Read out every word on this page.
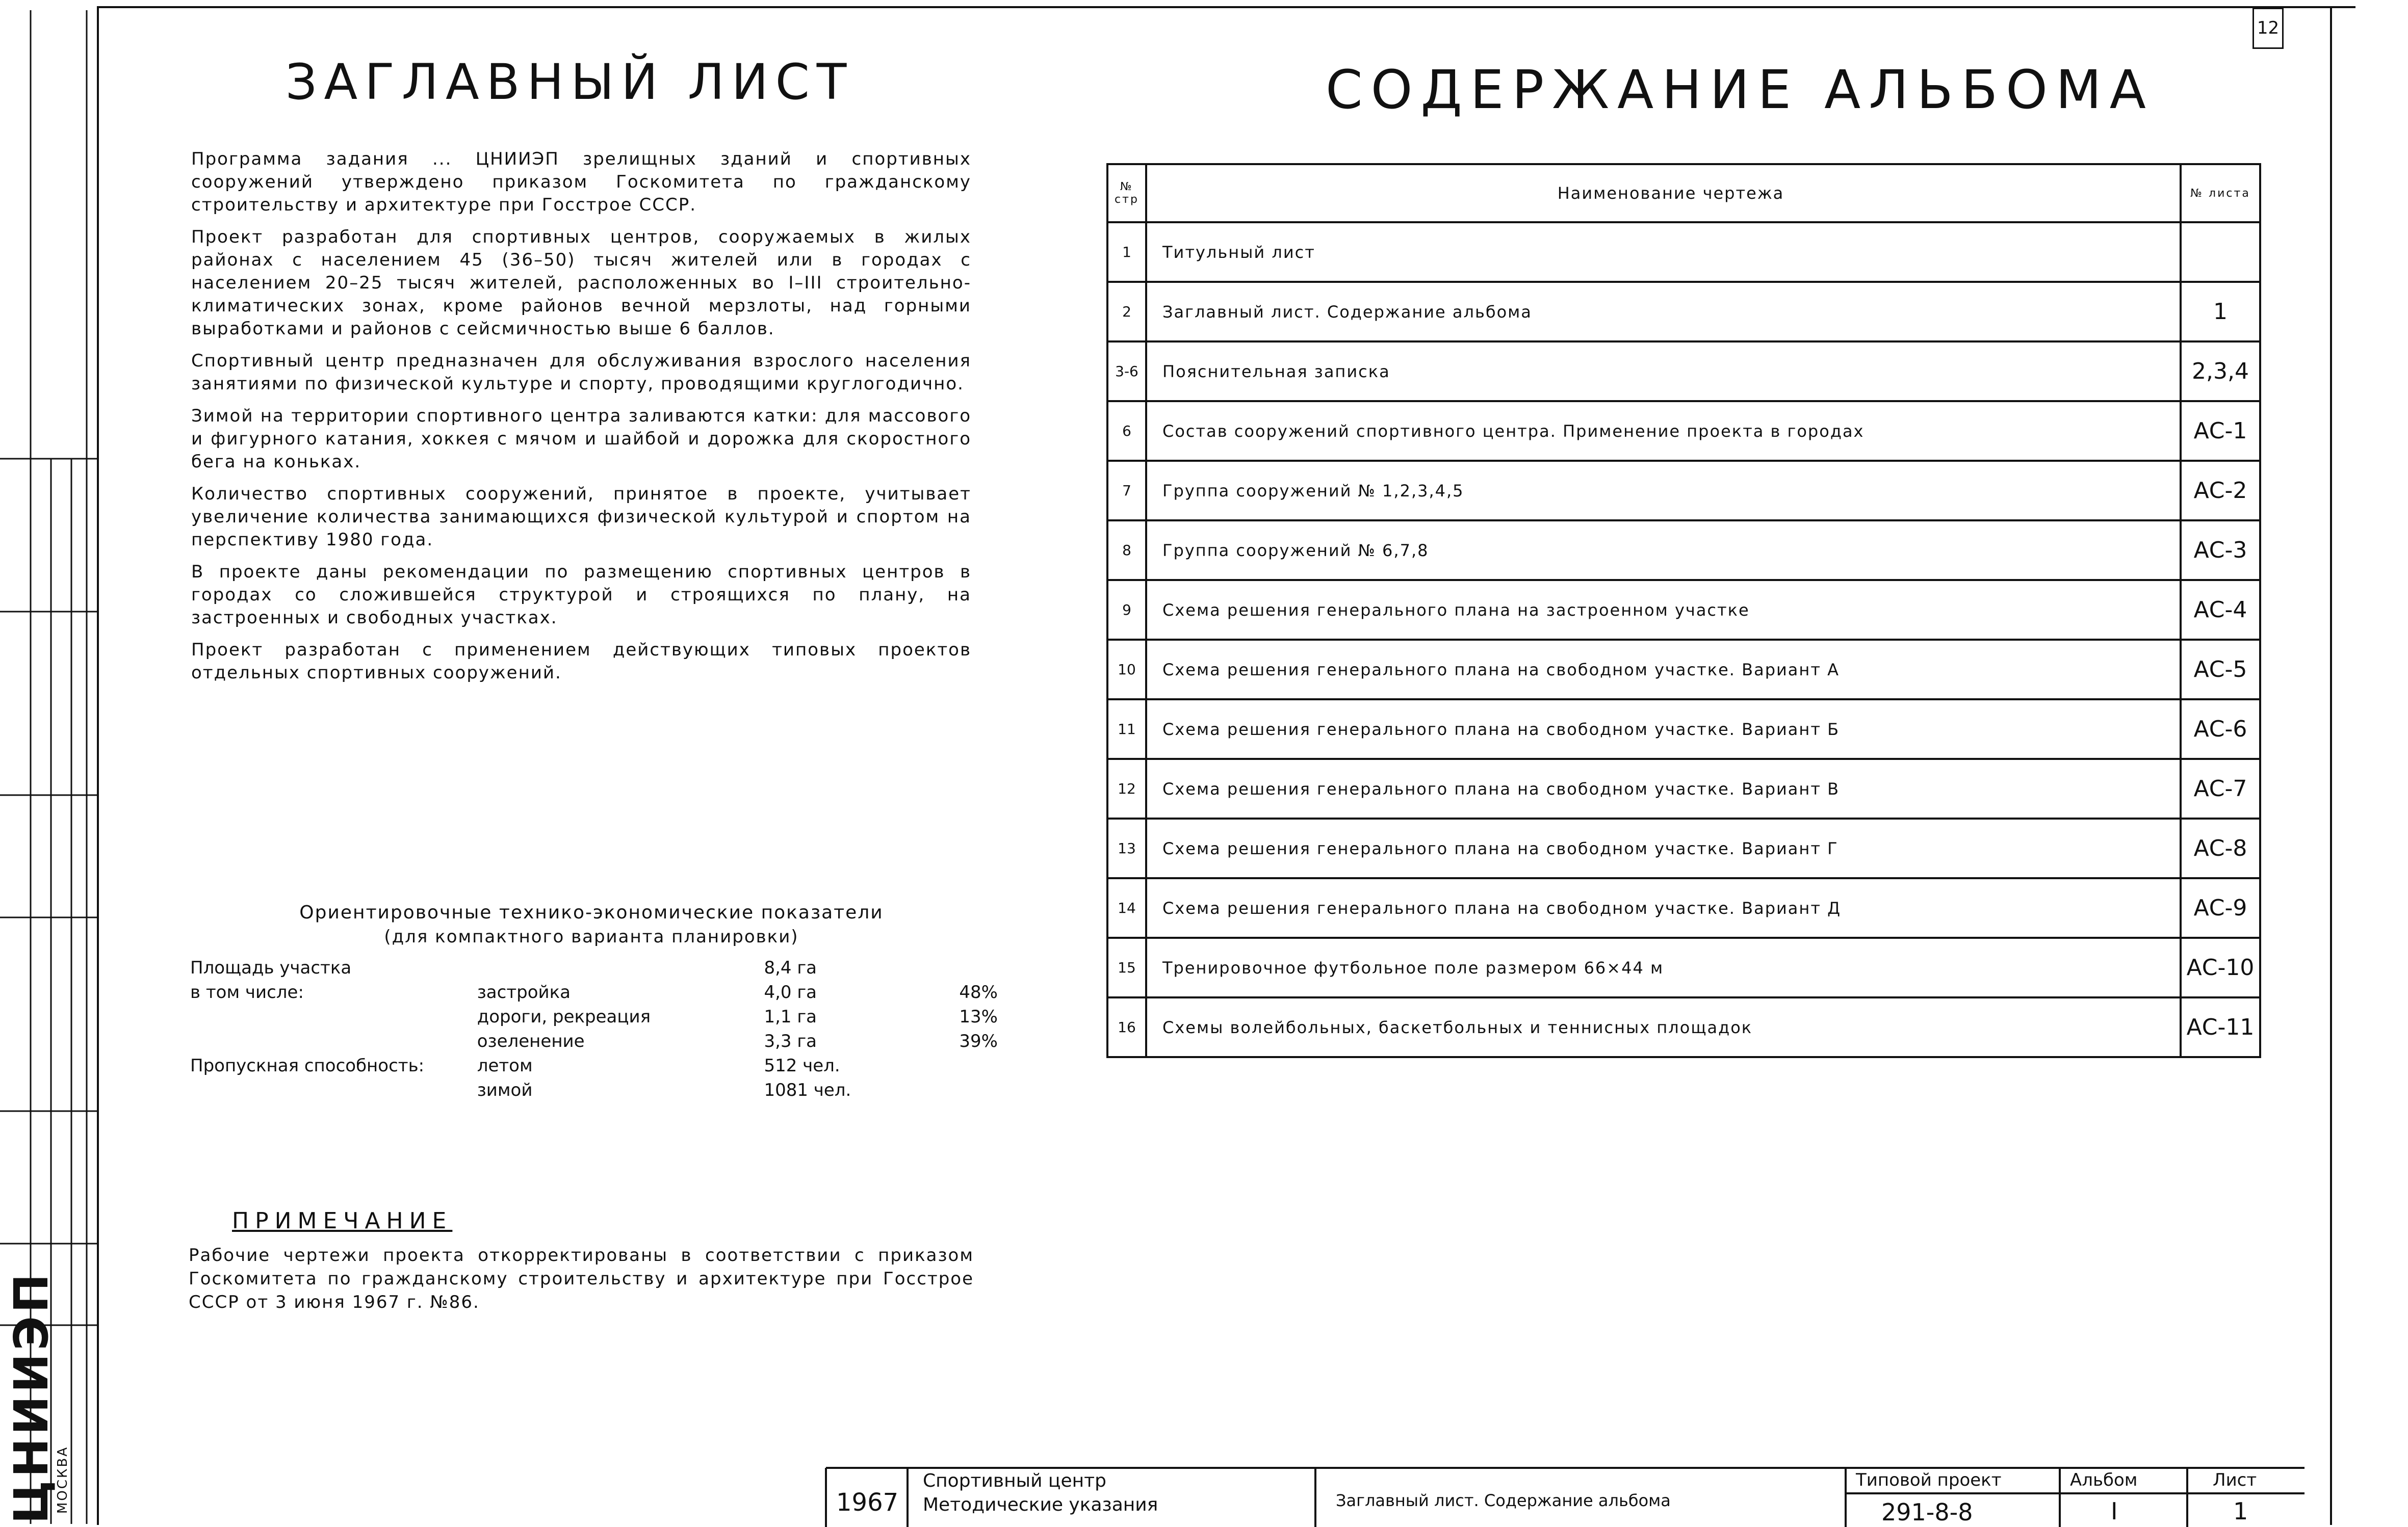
ЦНИИЭП
МОСКВА
12
ЗАГЛАВНЫЙ ЛИСТ

Программа задания ... ЦНИИЭП зрелищных зданий и спортивных сооружений утверждено приказом Госкомитета по гражданскому строительству и архитектуре при Госстрое СССР.

Проект разработан для спортивных центров, сооружаемых в жилых районах с населением 45 (36–50) тысяч жителей или в городах с населением 20–25 тысяч жителей, расположенных во I–III строительно-климатических зонах, кроме районов вечной мерзлоты, над горными выработками и районов с сейсмичностью выше 6 баллов.

Спортивный центр предназначен для обслуживания взрослого населения занятиями по физической культуре и спорту, проводящими круглогодично.

Зимой на территории спортивного центра заливаются катки: для массового и фигурного катания, хоккея с мячом и шайбой и дорожка для скоростного бега на коньках.

Количество спортивных сооружений, принятое в проекте, учитывает увеличение количества занимающихся физической культурой и спортом на перспективу 1980 года.

В проекте даны рекомендации по размещению спортивных центров в городах со сложившейся структурой и строящихся по плану, на застроенных и свободных участках.

Проект разработан с применением действующих типовых проектов отдельных спортивных сооружений.

Ориентировочные технико-экономические показатели
(для компактного варианта планировки)
Площадь участка		8,4 га	
в том числе:	застройка	4,0 га	48%
	дороги, рекреация	1,1 га	13%
	озеленение	3,3 га	39%
Пропускная способность:	летом	512 чел.	
	зимой	1081 чел.	
ПРИМЕЧАНИЕ
Рабочие чертежи проекта откорректированы в соответствии с приказом Госкомитета по гражданскому строительству и архитектуре при Госстрое СССР от 3 июня 1967 г. №86.
СОДЕРЖАНИЕ АЛЬБОМА
№ стр	Наименование чертежа	№ листа
1	Титульный лист	
2	Заглавный лист. Содержание альбома	1
3-6	Пояснительная записка	2,3,4
6	Состав сооружений спортивного центра. Применение проекта в городах	АС-1
7	Группа сооружений № 1,2,3,4,5	АС-2
8	Группа сооружений № 6,7,8	АС-3
9	Схема решения генерального плана на застроенном участке	АС-4
10	Схема решения генерального плана на свободном участке. Вариант А	АС-5
11	Схема решения генерального плана на свободном участке. Вариант Б	АС-6
12	Схема решения генерального плана на свободном участке. Вариант В	АС-7
13	Схема решения генерального плана на свободном участке. Вариант Г	АС-8
14	Схема решения генерального плана на свободном участке. Вариант Д	АС-9
15	Тренировочное футбольное поле размером 66×44 м	АС-10
16	Схемы волейбольных, баскетбольных и теннисных площадок	АС-11
1967
Спортивный центр
Методические указания	Заглавный лист. Содержание альбома
Типовой проект
291-8-8
Альбом
I
Лист
1
